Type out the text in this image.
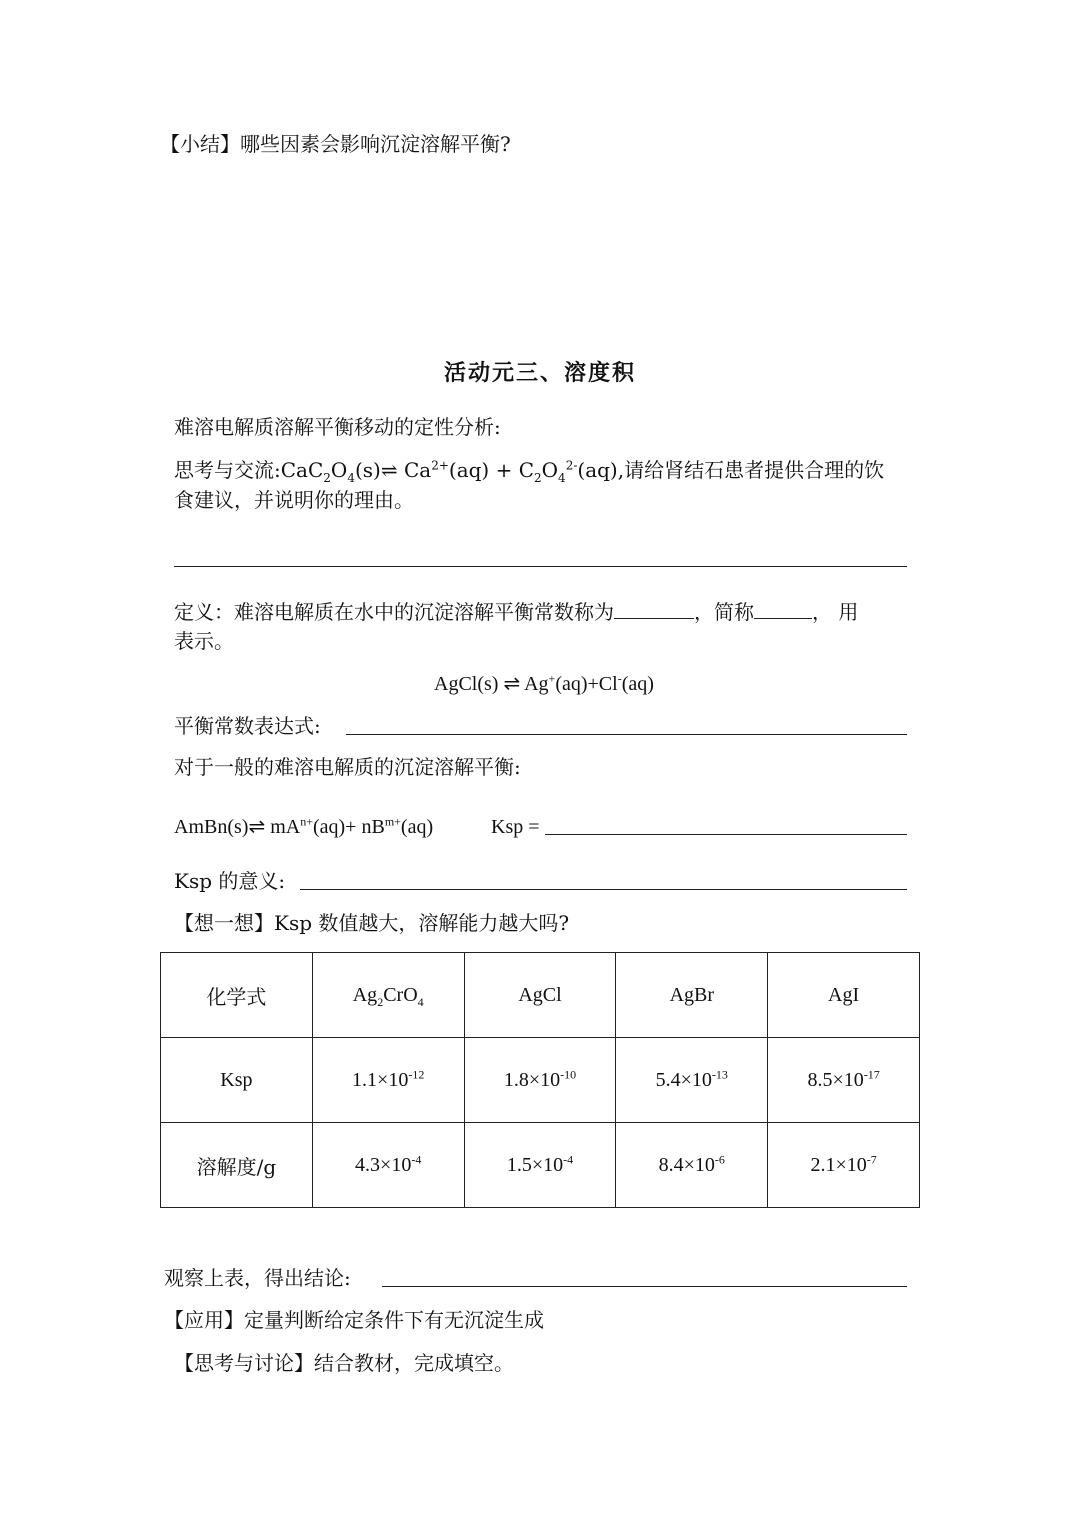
【小结】哪些因素会影响沉淀溶解平衡?
活动元三、溶度积
难溶电解质溶解平衡移动的定性分析:
思考与交流$:CaC_2O_4(s)\rightleftharpoons$ $Ca^{2+}(aq) + C_2O_4^{2-}(aq)$,请给肾结石患者提供合理的饮
食建议，并说明你的理由。
定义：难溶电解质在水中的沉淀溶解平衡常数称为	，简称	， 用
表示。
AgCl(s) ⇌ Ag+(aq)+Cl-(aq)
平衡常数表达式:
对于一般的难溶电解质的沉淀溶解平衡:
AmBn(s)⇌ $mA^{n+}(aq)+ nB^{m+}(aq)$	Ksp =
Ksp 的意义:
【想一想】Ksp 数值越大，溶解能力越大吗?
化学式	$Ag_2CrO_4$	AgCl	AgBr	AgI
Ksp	$1.1\times 10^{-12}$	$1.8\times 10^{-10}$	$5.4\times 10^{-13}$	$8.5\times 10^{-17}$
溶解度/g	$4.3\times 10^{-4}$	$1.5\times 10^{-4}$	$8.4\times 10^{-6}$	$2.1\times 10^{-7}$
观察上表，得出结论:
【应用】定量判断给定条件下有无沉淀生成
【思考与讨论】结合教材，完成填空。
